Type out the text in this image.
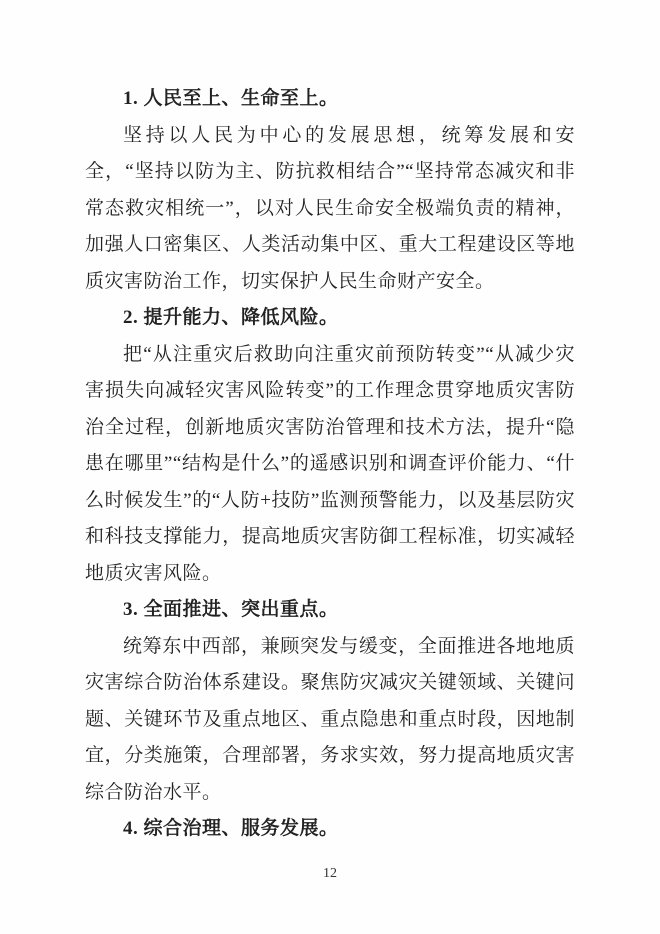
1. 人民至上、生命至上。

坚持以人民为中心的发展思想，统筹发展和安全，“坚持以防为主、防抗救相结合”“坚持常态减灾和非常态救灾相统一”，以对人民生命安全极端负责的精神，加强人口密集区、人类活动集中区、重大工程建设区等地质灾害防治工作，切实保护人民生命财产安全。

2. 提升能力、降低风险。

把“从注重灾后救助向注重灾前预防转变”“从减少灾害损失向减轻灾害风险转变”的工作理念贯穿地质灾害防治全过程，创新地质灾害防治管理和技术方法，提升“隐患在哪里”“结构是什么”的遥感识别和调查评价能力、“什么时候发生”的“人防+技防”监测预警能力，以及基层防灾和科技支撑能力，提高地质灾害防御工程标准，切实减轻地质灾害风险。

3. 全面推进、突出重点。

统筹东中西部，兼顾突发与缓变，全面推进各地地质灾害综合防治体系建设。聚焦防灾减灾关键领域、关键问题、关键环节及重点地区、重点隐患和重点时段，因地制宜，分类施策，合理部署，务求实效，努力提高地质灾害综合防治水平。

4. 综合治理、服务发展。

12
